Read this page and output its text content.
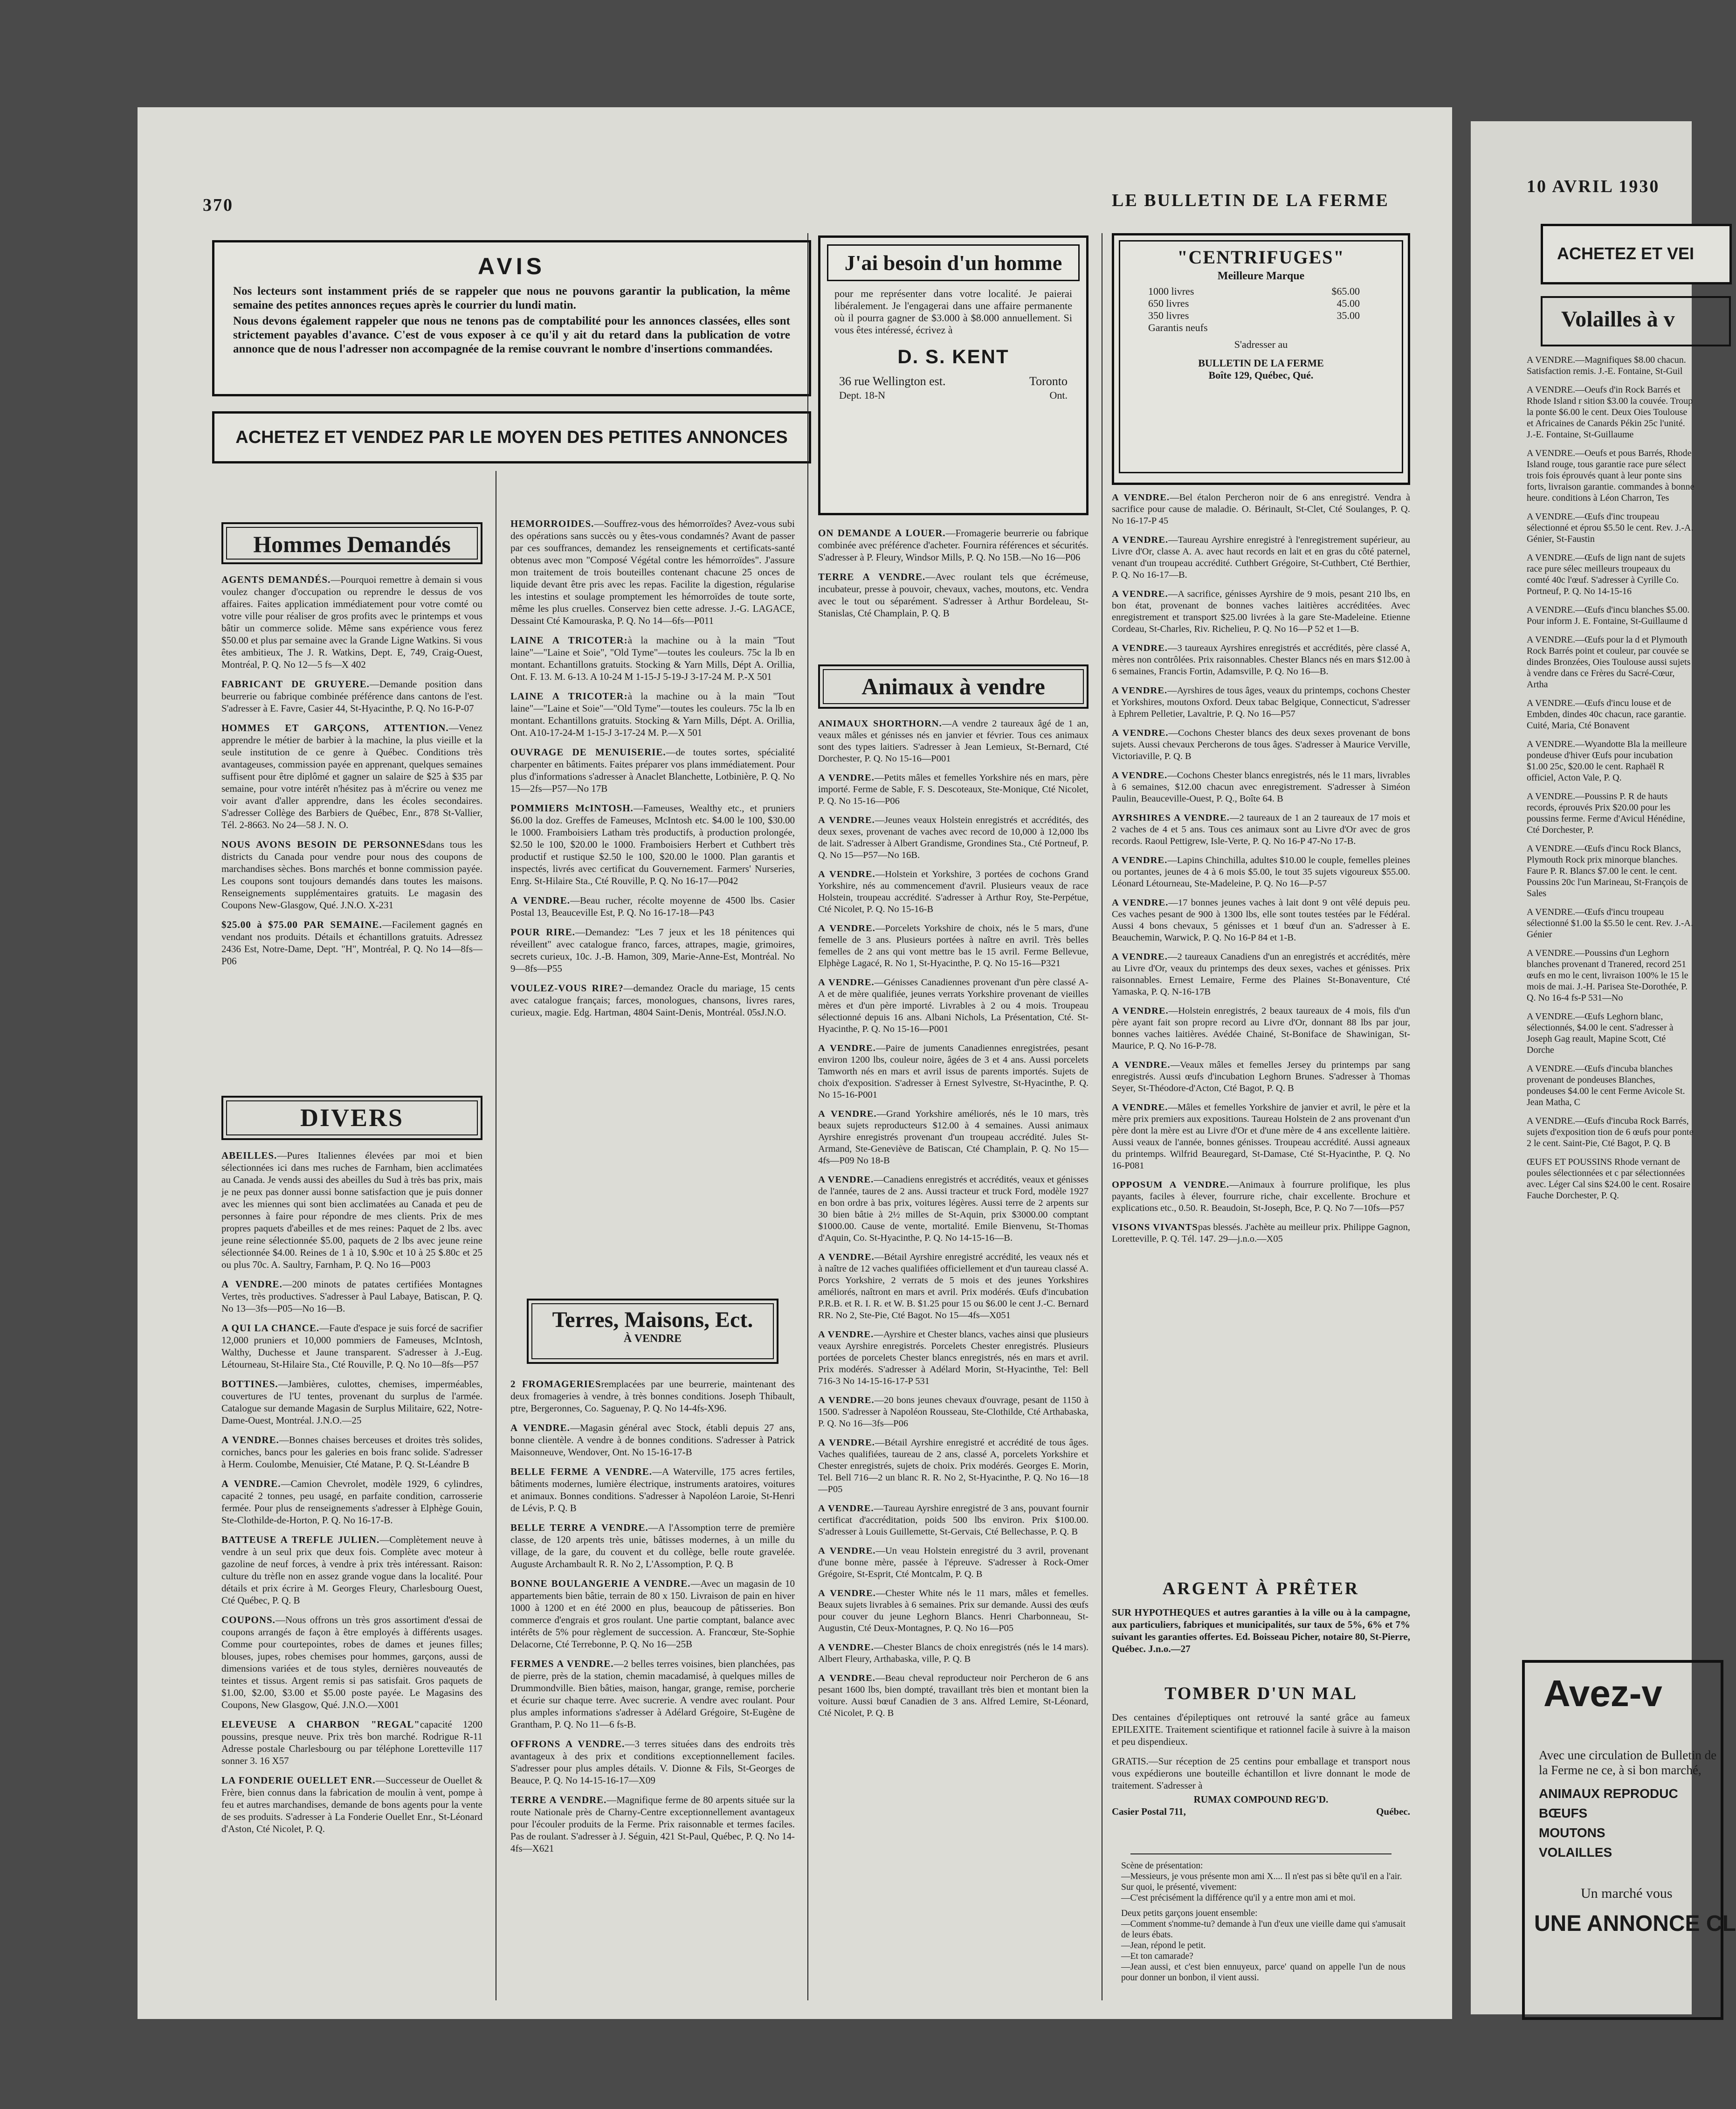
370	LE BULLETIN DE LA FERME
AVIS
Nos lecteurs sont instamment priés de se rappeler que nous ne pouvons garantir la publication, la même semaine des petites annonces reçues après le courrier du lundi matin.
Nous devons également rappeler que nous ne tenons pas de comptabilité pour les annonces classées, elles sont strictement payables d'avance. C'est de vous exposer à ce qu'il y ait du retard dans la publication de votre annonce que de nous l'adresser non accompagnée de la remise couvrant le nombre d'insertions commandées.
ACHETEZ ET VENDEZ PAR LE MOYEN DES PETITES ANNONCES
Hommes Demandés

AGENTS DEMANDÉS.—Pourquoi remettre à demain si vous voulez changer d'occupation ou reprendre le dessus de vos affaires. Faites application immédiatement pour votre comté ou votre ville pour réaliser de gros profits avec le printemps et vous bâtir un commerce solide. Même sans expérience vous ferez $50.00 et plus par semaine avec la Grande Ligne Watkins. Si vous êtes ambitieux, The J. R. Watkins, Dept. E, 749, Craig-Ouest, Montréal, P. Q. No 12—5 fs—X 402

FABRICANT DE GRUYERE.—Demande position dans beurrerie ou fabrique combinée préférence dans cantons de l'est. S'adresser à E. Favre, Casier 44, St-Hyacinthe, P. Q. No 16-P-07

HOMMES ET GARÇONS, ATTENTION.—Venez apprendre le métier de barbier à la machine, la plus vieille et la seule institution de ce genre à Québec. Conditions très avantageuses, commission payée en apprenant, quelques semaines suffisent pour être diplômé et gagner un salaire de $25 à $35 par semaine, pour votre intérêt n'hésitez pas à m'écrire ou venez me voir avant d'aller apprendre, dans les écoles secondaires. S'adresser Collège des Barbiers de Québec, Enr., 878 St-Vallier, Tél. 2-8663. No 24—58 J. N. O.

NOUS AVONS BESOIN DE PERSONNESdans tous les districts du Canada pour vendre pour nous des coupons de marchandises sèches. Bons marchés et bonne commission payée. Les coupons sont toujours demandés dans toutes les maisons. Renseignements supplémentaires gratuits. Le magasin des Coupons New-Glasgow, Qué. J.N.O. X-231

$25.00 à $75.00 PAR SEMAINE.—Facilement gagnés en vendant nos produits. Détails et échantillons gratuits. Adressez 2436 Est, Notre-Dame, Dept. "H", Montréal, P. Q. No 14—8fs—P06

DIVERS

ABEILLES.—Pures Italiennes élevées par moi et bien sélectionnées ici dans mes ruches de Farnham, bien acclimatées au Canada. Je vends aussi des abeilles du Sud à très bas prix, mais je ne peux pas donner aussi bonne satisfaction que je puis donner avec les miennes qui sont bien acclimatées au Canada et peu de personnes à faire pour répondre de mes clients. Prix de mes propres paquets d'abeilles et de mes reines: Paquet de 2 lbs. avec jeune reine sélectionnée $5.00, paquets de 2 lbs avec jeune reine sélectionnée $4.00. Reines de 1 à 10, $.90c et 10 à 25 $.80c et 25 ou plus 70c. A. Saultry, Farnham, P. Q. No 16—P003

A VENDRE.—200 minots de patates certifiées Montagnes Vertes, très productives. S'adresser à Paul Labaye, Batiscan, P. Q. No 13—3fs—P05—No 16—B.

A QUI LA CHANCE.—Faute d'espace je suis forcé de sacrifier 12,000 pruniers et 10,000 pommiers de Fameuses, McIntosh, Walthy, Duchesse et Jaune transparent. S'adresser à J.-Eug. Létourneau, St-Hilaire Sta., Cté Rouville, P. Q. No 10—8fs—P57

BOTTINES.—Jambières, culottes, chemises, imperméables, couvertures de l'U tentes, provenant du surplus de l'armée. Catalogue sur demande Magasin de Surplus Militaire, 622, Notre-Dame-Ouest, Montréal. J.N.O.—25

A VENDRE.—Bonnes chaises berceuses et droites très solides, corniches, bancs pour les galeries en bois franc solide. S'adresser à Herm. Coulombe, Menuisier, Cté Matane, P. Q. St-Léandre B

A VENDRE.—Camion Chevrolet, modèle 1929, 6 cylindres, capacité 2 tonnes, peu usagé, en parfaite condition, carrosserie fermée. Pour plus de renseignements s'adresser à Elphège Gouin, Ste-Clothilde-de-Horton, P. Q. No 16-17-B.

BATTEUSE A TREFLE JULIEN.—Complètement neuve à vendre à un seul prix que deux fois. Complète avec moteur à gazoline de neuf forces, à vendre à prix très intéressant. Raison: culture du trèfle non en assez grande vogue dans la localité. Pour détails et prix écrire à M. Georges Fleury, Charlesbourg Ouest, Cté Québec, P. Q. B

COUPONS.—Nous offrons un très gros assortiment d'essai de coupons arrangés de façon à être employés à différents usages. Comme pour courtepointes, robes de dames et jeunes filles; blouses, jupes, robes chemises pour hommes, garçons, aussi de dimensions variées et de tous styles, dernières nouveautés de teintes et tissus. Argent remis si pas satisfait. Gros paquets de $1.00, $2.00, $3.00 et $5.00 poste payée. Le Magasins des Coupons, New Glasgow, Qué. J.N.O.—X001

ELEVEUSE A CHARBON "REGAL"capacité 1200 poussins, presque neuve. Prix très bon marché. Rodrigue R-11 Adresse postale Charlesbourg ou par téléphone Loretteville 117 sonner 3. 16 X57

LA FONDERIE OUELLET ENR.—Successeur de Ouellet & Frère, bien connus dans la fabrication de moulin à vent, pompe à feu et autres marchandises, demande de bons agents pour la vente de ses produits. S'adresser à La Fonderie Ouellet Enr., St-Léonard d'Aston, Cté Nicolet, P. Q.

HEMORROIDES.—Souffrez-vous des hémorroïdes? Avez-vous subi des opérations sans succès ou y êtes-vous condamnés? Avant de passer par ces souffrances, demandez les renseignements et certificats-santé obtenus avec mon "Composé Végétal contre les hémorroïdes". J'assure mon traitement de trois bouteilles contenant chacune 25 onces de liquide devant être pris avec les repas. Facilite la digestion, régularise les intestins et soulage promptement les hémorroïdes de toute sorte, même les plus cruelles. Conservez bien cette adresse. J.-G. LAGACE, Dessaint Cté Kamouraska, P. Q. No 14—6fs—P011

LAINE A TRICOTER:à la machine ou à la main "Tout laine"—"Laine et Soie", "Old Tyme"—toutes les couleurs. 75c la lb en montant. Echantillons gratuits. Stocking & Yarn Mills, Dépt A. Orillia, Ont. F. 13. M. 6-13. A 10-24 M 1-15-J 5-19-J 3-17-24 M. P.-X 501

LAINE A TRICOTER:à la machine ou à la main "Tout laine"—"Laine et Soie"—"Old Tyme"—toutes les couleurs. 75c la lb en montant. Echantillons gratuits. Stocking & Yarn Mills, Dépt. A. Orillia, Ont. A10-17-24-M 1-15-J 3-17-24 M. P.—X 501

OUVRAGE DE MENUISERIE.—de toutes sortes, spécialité charpenter en bâtiments. Faites préparer vos plans immédiatement. Pour plus d'informations s'adresser à Anaclet Blanchette, Lotbinière, P. Q. No 15—2fs—P57—No 17B

POMMIERS McINTOSH.—Fameuses, Wealthy etc., et pruniers $6.00 la doz. Greffes de Fameuses, McIntosh etc. $4.00 le 100, $30.00 le 1000. Framboisiers Latham très productifs, à production prolongée, $2.50 le 100, $20.00 le 1000. Framboisiers Herbert et Cuthbert très productif et rustique $2.50 le 100, $20.00 le 1000. Plan garantis et inspectés, livrés avec certificat du Gouvernement. Farmers' Nurseries, Enrg. St-Hilaire Sta., Cté Rouville, P. Q. No 16-17—P042

A VENDRE.—Beau rucher, récolte moyenne de 4500 lbs. Casier Postal 13, Beauceville Est, P. Q. No 16-17-18—P43

POUR RIRE.—Demandez: "Les 7 jeux et les 18 pénitences qui réveillent" avec catalogue franco, farces, attrapes, magie, grimoires, secrets curieux, 10c. J.-B. Hamon, 309, Marie-Anne-Est, Montréal. No 9—8fs—P55

VOULEZ-VOUS RIRE?—demandez Oracle du mariage, 15 cents avec catalogue français; farces, monologues, chansons, livres rares, curieux, magie. Edg. Hartman, 4804 Saint-Denis, Montréal. 05sJ.N.O.

Terres, Maisons, Ect.
À VENDRE

2 FROMAGERIESremplacées par une beurrerie, maintenant des deux fromageries à vendre, à très bonnes conditions. Joseph Thibault, ptre, Bergeronnes, Co. Saguenay, P. Q. No 14-4fs-X96.

A VENDRE.—Magasin général avec Stock, établi depuis 27 ans, bonne clientèle. A vendre à de bonnes conditions. S'adresser à Patrick Maisonneuve, Wendover, Ont. No 15-16-17-B

BELLE FERME A VENDRE.—A Waterville, 175 acres fertiles, bâtiments modernes, lumière électrique, instruments aratoires, voitures et animaux. Bonnes conditions. S'adresser à Napoléon Laroie, St-Henri de Lévis, P. Q. B

BELLE TERRE A VENDRE.—A l'Assomption terre de première classe, de 120 arpents très unie, bâtisses modernes, à un mille du village, de la gare, du couvent et du collège, belle route gravelée. Auguste Archambault R. R. No 2, L'Assomption, P. Q. B

BONNE BOULANGERIE A VENDRE.—Avec un magasin de 10 appartements bien bâtie, terrain de 80 x 150. Livraison de pain en hiver 1000 à 1200 et en été 2000 en plus, beaucoup de pâtisseries. Bon commerce d'engrais et gros roulant. Une partie comptant, balance avec intérêts de 5% pour règlement de succession. A. Francœur, Ste-Sophie Delacorne, Cté Terrebonne, P. Q. No 16—25B

FERMES A VENDRE.—2 belles terres voisines, bien planchées, pas de pierre, près de la station, chemin macadamisé, à quelques milles de Drummondville. Bien bâties, maison, hangar, grange, remise, porcherie et écurie sur chaque terre. Avec sucrerie. A vendre avec roulant. Pour plus amples informations s'adresser à Adélard Grégoire, St-Eugène de Grantham, P. Q. No 11—6 fs-B.

OFFRONS A VENDRE.—3 terres situées dans des endroits très avantageux à des prix et conditions exceptionnellement faciles. S'adresser pour plus amples détails. V. Dionne & Fils, St-Georges de Beauce, P. Q. No 14-15-16-17—X09

TERRE A VENDRE.—Magnifique ferme de 80 arpents située sur la route Nationale près de Charny-Centre exceptionnellement avantageux pour l'écouler produits de la Ferme. Prix raisonnable et termes faciles. Pas de roulant. S'adresser à J. Séguin, 421 St-Paul, Québec, P. Q. No 14-4fs—X621

J'ai besoin d'un homme
pour me représenter dans votre localité. Je paierai libéralement. Je l'engagerai dans une affaire permanente où il pourra gagner de $3.000 à $8.000 annuellement. Si vous êtes intéressé, écrivez à
D. S. KENT
36 rue Wellington est.	Toronto
Dept. 18-N	Ont.

ON DEMANDE A LOUER.—Fromagerie beurrerie ou fabrique combinée avec préférence d'acheter. Fournira références et sécurités. S'adresser à P. Fleury, Windsor Mills, P. Q. No 15B.—No 16—P06

TERRE A VENDRE.—Avec roulant tels que écrémeuse, incubateur, presse à pouvoir, chevaux, vaches, moutons, etc. Vendra avec le tout ou séparément. S'adresser à Arthur Bordeleau, St-Stanislas, Cté Champlain, P. Q. B

Animaux à vendre

ANIMAUX SHORTHORN.—A vendre 2 taureaux âgé de 1 an, veaux mâles et génisses nés en janvier et février. Tous ces animaux sont des types laitiers. S'adresser à Jean Lemieux, St-Bernard, Cté Dorchester, P. Q. No 15-16—P001

A VENDRE.—Petits mâles et femelles Yorkshire nés en mars, père importé. Ferme de Sable, F. S. Descoteaux, Ste-Monique, Cté Nicolet, P. Q. No 15-16—P06

A VENDRE.—Jeunes veaux Holstein enregistrés et accrédités, des deux sexes, provenant de vaches avec record de 10,000 à 12,000 lbs de lait. S'adresser à Albert Grandisme, Grondines Sta., Cté Portneuf, P. Q. No 15—P57—No 16B.

A VENDRE.—Holstein et Yorkshire, 3 portées de cochons Grand Yorkshire, nés au commencement d'avril. Plusieurs veaux de race Holstein, troupeau accrédité. S'adresser à Arthur Roy, Ste-Perpétue, Cté Nicolet, P. Q. No 15-16-B

A VENDRE.—Porcelets Yorkshire de choix, nés le 5 mars, d'une femelle de 3 ans. Plusieurs portées à naître en avril. Très belles femelles de 2 ans qui vont mettre bas le 15 avril. Ferme Bellevue, Elphège Lagacé, R. No 1, St-Hyacinthe, P. Q. No 15-16—P321

A VENDRE.—Génisses Canadiennes provenant d'un père classé A-A et de mère qualifiée, jeunes verrats Yorkshire provenant de vieilles mères et d'un père importé. Livrables à 2 ou 4 mois. Troupeau sélectionné depuis 16 ans. Albani Nichols, La Présentation, Cté. St-Hyacinthe, P. Q. No 15-16—P001

A VENDRE.—Paire de juments Canadiennes enregistrées, pesant environ 1200 lbs, couleur noire, âgées de 3 et 4 ans. Aussi porcelets Tamworth nés en mars et avril issus de parents importés. Sujets de choix d'exposition. S'adresser à Ernest Sylvestre, St-Hyacinthe, P. Q. No 15-16-P001

A VENDRE.—Grand Yorkshire améliorés, nés le 10 mars, très beaux sujets reproducteurs $12.00 à 4 semaines. Aussi animaux Ayrshire enregistrés provenant d'un troupeau accrédité. Jules St-Armand, Ste-Geneviève de Batiscan, Cté Champlain, P. Q. No 15—4fs—P09 No 18-B

A VENDRE.—Canadiens enregistrés et accrédités, veaux et génisses de l'année, taures de 2 ans. Aussi tracteur et truck Ford, modèle 1927 en bon ordre à bas prix, voitures légères. Aussi terre de 2 arpents sur 30 bien bâtie à 2½ milles de St-Aquin, prix $3000.00 comptant $1000.00. Cause de vente, mortalité. Emile Bienvenu, St-Thomas d'Aquin, Co. St-Hyacinthe, P. Q. No 14-15-16—B.

A VENDRE.—Bétail Ayrshire enregistré accrédité, les veaux nés et à naître de 12 vaches qualifiées officiellement et d'un taureau classé A. Porcs Yorkshire, 2 verrats de 5 mois et des jeunes Yorkshires améliorés, naîtront en mars et avril. Prix modérés. Œufs d'incubation P.R.B. et R. I. R. et W. B. $1.25 pour 15 ou $6.00 le cent J.-C. Bernard RR. No 2, Ste-Pie, Cté Bagot. No 15—4fs—X051

A VENDRE.—Ayrshire et Chester blancs, vaches ainsi que plusieurs veaux Ayrshire enregistrés. Porcelets Chester enregistrés. Plusieurs portées de porcelets Chester blancs enregistrés, nés en mars et avril. Prix modérés. S'adresser à Adélard Morin, St-Hyacinthe, Tel: Bell 716-3 No 14-15-16-17-P 531

A VENDRE.—20 bons jeunes chevaux d'ouvrage, pesant de 1150 à 1500. S'adresser à Napoléon Rousseau, Ste-Clothilde, Cté Arthabaska, P. Q. No 16—3fs—P06

A VENDRE.—Bétail Ayrshire enregistré et accrédité de tous âges. Vaches qualifiées, taureau de 2 ans, classé A, porcelets Yorkshire et Chester enregistrés, sujets de choix. Prix modérés. Georges E. Morin, Tel. Bell 716—2 un blanc R. R. No 2, St-Hyacinthe, P. Q. No 16—18—P05

A VENDRE.—Taureau Ayrshire enregistré de 3 ans, pouvant fournir certificat d'accréditation, poids 500 lbs environ. Prix $100.00. S'adresser à Louis Guillemette, St-Gervais, Cté Bellechasse, P. Q. B

A VENDRE.—Un veau Holstein enregistré du 3 avril, provenant d'une bonne mère, passée à l'épreuve. S'adresser à Rock-Omer Grégoire, St-Esprit, Cté Montcalm, P. Q. B

A VENDRE.—Chester White nés le 11 mars, mâles et femelles. Beaux sujets livrables à 6 semaines. Prix sur demande. Aussi des œufs pour couver du jeune Leghorn Blancs. Henri Charbonneau, St-Augustin, Cté Deux-Montagnes, P. Q. No 16—P05

A VENDRE.—Chester Blancs de choix enregistrés (nés le 14 mars). Albert Fleury, Arthabaska, ville, P. Q. B

A VENDRE.—Beau cheval reproducteur noir Percheron de 6 ans pesant 1600 lbs, bien dompté, travaillant très bien et montant bien la voiture. Aussi bœuf Canadien de 3 ans. Alfred Lemire, St-Léonard, Cté Nicolet, P. Q. B

"CENTRIFUGES"
Meilleure Marque
1000 livres	$65.00
650 livres	45.00
350 livres	35.00
Garantis neufs
S'adresser au
BULLETIN DE LA FERME
Boîte 129, Québec, Qué.

A VENDRE.—Bel étalon Percheron noir de 6 ans enregistré. Vendra à sacrifice pour cause de maladie. O. Bérinault, St-Clet, Cté Soulanges, P. Q. No 16-17-P 45

A VENDRE.—Taureau Ayrshire enregistré à l'enregistrement supérieur, au Livre d'Or, classe A. A. avec haut records en lait et en gras du côté paternel, venant d'un troupeau accrédité. Cuthbert Grégoire, St-Cuthbert, Cté Berthier, P. Q. No 16-17—B.

A VENDRE.—A sacrifice, génisses Ayrshire de 9 mois, pesant 210 lbs, en bon état, provenant de bonnes vaches laitières accréditées. Avec enregistrement et transport $25.00 livrées à la gare Ste-Madeleine. Etienne Cordeau, St-Charles, Riv. Richelieu, P. Q. No 16—P 52 et 1—B.

A VENDRE.—3 taureaux Ayrshires enregistrés et accrédités, père classé A, mères non contrôlées. Prix raisonnables. Chester Blancs nés en mars $12.00 à 6 semaines, Francis Fortin, Adamsville, P. Q. No 16—B.

A VENDRE.—Ayrshires de tous âges, veaux du printemps, cochons Chester et Yorkshires, moutons Oxford. Deux tabac Belgique, Connecticut, S'adresser à Ephrem Pelletier, Lavaltrie, P. Q. No 16—P57

A VENDRE.—Cochons Chester blancs des deux sexes provenant de bons sujets. Aussi chevaux Percherons de tous âges. S'adresser à Maurice Verville, Victoriaville, P. Q. B

A VENDRE.—Cochons Chester blancs enregistrés, nés le 11 mars, livrables à 6 semaines, $12.00 chacun avec enregistrement. S'adresser à Siméon Paulin, Beauceville-Ouest, P. Q., Boîte 64. B

AYRSHIRES A VENDRE.—2 taureaux de 1 an 2 taureaux de 17 mois et 2 vaches de 4 et 5 ans. Tous ces animaux sont au Livre d'Or avec de gros records. Raoul Pettigrew, Isle-Verte, P. Q. No 16-P 47-No 17-B.

A VENDRE.—Lapins Chinchilla, adultes $10.00 le couple, femelles pleines ou portantes, jeunes de 4 à 6 mois $5.00, le tout 35 sujets vigoureux $55.00. Léonard Létourneau, Ste-Madeleine, P. Q. No 16—P-57

A VENDRE.—17 bonnes jeunes vaches à lait dont 9 ont vêlé depuis peu. Ces vaches pesant de 900 à 1300 lbs, elle sont toutes testées par le Fédéral. Aussi 4 bons chevaux, 5 génisses et 1 bœuf d'un an. S'adresser à E. Beauchemin, Warwick, P. Q. No 16-P 84 et 1-B.

A VENDRE.—2 taureaux Canadiens d'un an enregistrés et accrédités, mère au Livre d'Or, veaux du printemps des deux sexes, vaches et génisses. Prix raisonnables. Ernest Lemaire, Ferme des Plaines St-Bonaventure, Cté Yamaska, P. Q. N-16-17B

A VENDRE.—Holstein enregistrés, 2 beaux taureaux de 4 mois, fils d'un père ayant fait son propre record au Livre d'Or, donnant 88 lbs par jour, bonnes vaches laitières. Avédée Chainé, St-Boniface de Shawinigan, St-Maurice, P. Q. No 16-P-78.

A VENDRE.—Veaux mâles et femelles Jersey du printemps par sang enregistrés. Aussi œufs d'incubation Leghorn Brunes. S'adresser à Thomas Seyer, St-Théodore-d'Acton, Cté Bagot, P. Q. B

A VENDRE.—Mâles et femelles Yorkshire de janvier et avril, le père et la mère prix premiers aux expositions. Taureau Holstein de 2 ans provenant d'un père dont la mère est au Livre d'Or et d'une mère de 4 ans excellente laitière. Aussi veaux de l'année, bonnes génisses. Troupeau accrédité. Aussi agneaux du printemps. Wilfrid Beauregard, St-Damase, Cté St-Hyacinthe, P. Q. No 16-P081

OPPOSUM A VENDRE.—Animaux à fourrure prolifique, les plus payants, faciles à élever, fourrure riche, chair excellente. Brochure et explications etc., 0.50. R. Beaudoin, St-Joseph, Bce, P. Q. No 7—10fs—P57

VISONS VIVANTSpas blessés. J'achète au meilleur prix. Philippe Gagnon, Loretteville, P. Q. Tél. 147. 29—j.n.o.—X05

ARGENT À PRÊTER
SUR HYPOTHEQUES et autres garanties à la ville ou à la campagne, aux particuliers, fabriques et municipalités, sur taux de 5%, 6% et 7% suivant les garanties offertes. Ed. Boisseau Picher, notaire 80, St-Pierre, Québec. J.n.o.—27
TOMBER D'UN MAL

Des centaines d'épileptiques ont retrouvé la santé grâce au fameux EPILEXITE. Traitement scientifique et rationnel facile à suivre à la maison et peu dispendieux.

GRATIS.—Sur réception de 25 centins pour emballage et transport nous vous expédierons une bouteille échantillon et livre donnant le mode de traitement. S'adresser à

RUMAX COMPOUND REG'D.
Casier Postal 711,	Québec.
Scène de présentation:
—Messieurs, je vous présente mon ami X.... Il n'est pas si bête qu'il en a l'air.
Sur quoi, le présenté, vivement:
—C'est précisément la différence qu'il y a entre mon ami et moi.
Deux petits garçons jouent ensemble:
—Comment s'nomme-tu? demande à l'un d'eux une vieille dame qui s'amusait de leurs ébats.
—Jean, répond le petit.
—Et ton camarade?
—Jean aussi, et c'est bien ennuyeux, parce' quand on appelle l'un de nous pour donner un bonbon, il vient aussi.
10 AVRIL 1930
ACHETEZ ET VEI
Volailles à v

A VENDRE.—Magnifiques $8.00 chacun. Satisfaction remis. J.-E. Fontaine, St-Guil

A VENDRE.—Oeufs d'in Rock Barrés et Rhode Island r sition $3.00 la couvée. Troup la ponte $6.00 le cent. Deux Oies Toulouse et Africaines de Canards Pékin 25c l'unité. J.-E. Fontaine, St-Guillaume

A VENDRE.—Oeufs et pous Barrés, Rhode Island rouge, tous garantie race pure sélect trois fois éprouvés quant à leur ponte sins forts, livraison garantie. commandes à bonne heure. conditions à Léon Charron, Tes

A VENDRE.—Œufs d'inc troupeau sélectionné et éprou $5.50 le cent. Rev. J.-A. Génier, St-Faustin

A VENDRE.—Œufs de lign nant de sujets race pure sélec meilleurs troupeaux du comté 40c l'œuf. S'adresser à Cyrille Co. Portneuf, P. Q. No 14-15-16

A VENDRE.—Œufs d'incu blanches $5.00. Pour inform J. E. Fontaine, St-Guillaume d

A VENDRE.—Œufs pour la d et Plymouth Rock Barrés point et couleur, par couvée se dindes Bronzées, Oies Toulouse aussi sujets à vendre dans ce Frères du Sacré-Cœur, Artha

A VENDRE.—Œufs d'incu louse et de Embden, dindes 40c chacun, race garantie. Cuité, Maria, Cté Bonavent

A VENDRE.—Wyandotte Bla la meilleure pondeuse d'hiver Œufs pour incubation $1.00 25c, $20.00 le cent. Raphaël R officiel, Acton Vale, P. Q.

A VENDRE.—Poussins P. R de hauts records, éprouvés Prix $20.00 pour les poussins ferme. Ferme d'Avicul Hénédine, Cté Dorchester, P.

A VENDRE.—Œufs d'incu Rock Blancs, Plymouth Rock prix minorque blanches. Faure P. R. Blancs $7.00 le cent. le cent. Poussins 20c l'un Marineau, St-François de Sales

A VENDRE.—Œufs d'incu troupeau sélectionné $1.00 la $5.50 le cent. Rev. J.-A. Génier

A VENDRE.—Poussins d'un Leghorn blanches provenant d Tranered, record 251 œufs en mo le cent, livraison 100% le 15 le mois de mai. J.-H. Parisea Ste-Dorothée, P. Q. No 16-4 fs-P 531—No

A VENDRE.—Œufs Leghorn blanc, sélectionnés, $4.00 le cent. S'adresser à Joseph Gag reault, Mapine Scott, Cté Dorche

A VENDRE.—Œufs d'incuba blanches provenant de pondeuses Blanches, pondeuses $4.00 le cent Ferme Avicole St. Jean Matha, C

A VENDRE.—Œufs d'incuba Rock Barrés, sujets d'exposition tion de 6 œufs pour ponte 2 le cent. Saint-Pie, Cté Bagot, P. Q. B

ŒUFS ET POUSSINS Rhode vernant de poules sélectionnées et c par sélectionnées avec. Léger Cal sins $24.00 le cent. Rosaire Fauche Dorchester, P. Q.

Avez-v
Avec une circulation de Bulletin de la Ferme ne ce, à si bon marché,
ANIMAUX REPRODUC
BŒUFS
MOUTONS
VOLAILLES
Un marché vous
UNE ANNONCE CL
